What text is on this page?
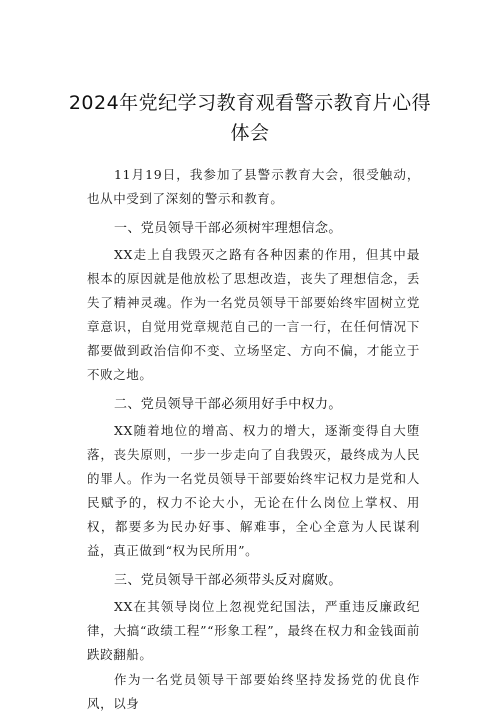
2024年党纪学习教育观看警示教育片心得体会

11月19日，我参加了县警示教育大会，很受触动，也从中受到了深刻的警示和教育。

一、党员领导干部必须树牢理想信念。

XX走上自我毁灭之路有各种因素的作用，但其中最根本的原因就是他放松了思想改造，丧失了理想信念，丢失了精神灵魂。作为一名党员领导干部要始终牢固树立党章意识，自觉用党章规范自己的一言一行，在任何情况下都要做到政治信仰不变、立场坚定、方向不偏，才能立于不败之地。

二、党员领导干部必须用好手中权力。

XX随着地位的增高、权力的增大，逐渐变得自大堕落，丧失原则，一步一步走向了自我毁灭，最终成为人民的罪人。作为一名党员领导干部要始终牢记权力是党和人民赋予的，权力不论大小，无论在什么岗位上掌权、用权，都要多为民办好事、解难事，全心全意为人民谋利益，真正做到“权为民所用”。

三、党员领导干部必须带头反对腐败。

XX在其领导岗位上忽视党纪国法，严重违反廉政纪律，大搞“政绩工程”“形象工程”，最终在权力和金钱面前跌跤翻船。

作为一名党员领导干部要始终坚持发扬党的优良作风，以身
